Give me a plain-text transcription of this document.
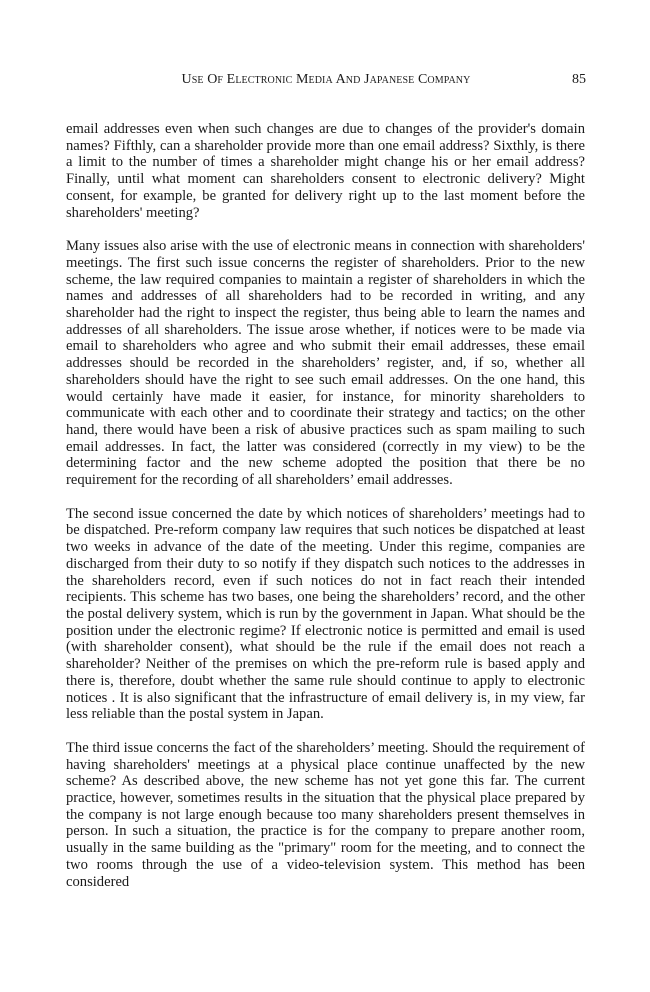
Use Of Electronic Media And Japanese Company	85

email addresses even when such changes are due to changes of the provider's domain names? Fifthly, can a shareholder provide more than one email address? Sixthly, is there a limit to the number of times a shareholder might change his or her email address? Finally, until what moment can shareholders consent to electronic delivery? Might consent, for example, be granted for delivery right up to the last moment before the shareholders' meeting?

Many issues also arise with the use of electronic means in connection with shareholders' meetings. The first such issue concerns the register of shareholders. Prior to the new scheme, the law required companies to maintain a register of shareholders in which the names and addresses of all shareholders had to be recorded in writing, and any shareholder had the right to inspect the register, thus being able to learn the names and addresses of all shareholders. The issue arose whether, if notices were to be made via email to shareholders who agree and who submit their email addresses, these email addresses should be recorded in the shareholders’ register, and, if so, whether all shareholders should have the right to see such email addresses. On the one hand, this would certainly have made it easier, for instance, for minority shareholders to communicate with each other and to coordinate their strategy and tactics; on the other hand, there would have been a risk of abusive practices such as spam mailing to such email addresses. In fact, the latter was considered (correctly in my view) to be the determining factor and the new scheme adopted the position that there be no requirement for the recording of all shareholders’ email addresses.

The second issue concerned the date by which notices of shareholders’ meetings had to be dispatched. Pre-reform company law requires that such notices be dispatched at least two weeks in advance of the date of the meeting. Under this regime, companies are discharged from their duty to so notify if they dispatch such notices to the addresses in the shareholders record, even if such notices do not in fact reach their intended recipients. This scheme has two bases, one being the shareholders’ record, and the other the postal delivery system, which is run by the government in Japan. What should be the position under the electronic regime? If electronic notice is permitted and email is used (with shareholder consent), what should be the rule if the email does not reach a shareholder? Neither of the premises on which the pre-reform rule is based apply and there is, therefore, doubt whether the same rule should continue to apply to electronic notices . It is also significant that the infrastructure of email delivery is, in my view, far less reliable than the postal system in Japan.

The third issue concerns the fact of the shareholders’ meeting. Should the requirement of having shareholders' meetings at a physical place continue unaffected by the new scheme? As described above, the new scheme has not yet gone this far. The current practice, however, sometimes results in the situation that the physical place prepared by the company is not large enough because too many shareholders present themselves in person. In such a situation, the practice is for the company to prepare another room, usually in the same building as the "primary" room for the meeting, and to connect the two rooms through the use of a video-television system. This method has been considered
